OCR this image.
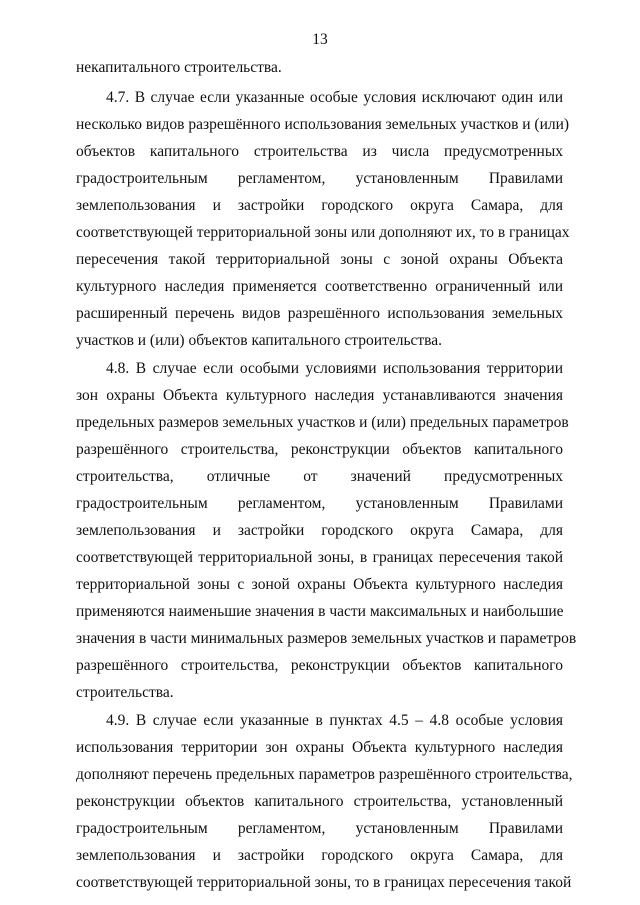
13
некапитального строительства.
4.7. В случае если указанные особые условия исключают один или
несколько видов разрешённого использования земельных участков и (или)
объектов капитального строительства из числа предусмотренных
градостроительным регламентом, установленным Правилами
землепользования и застройки городского округа Самара, для
соответствующей территориальной зоны или дополняют их, то в границах
пересечения такой территориальной зоны с зоной охраны Объекта
культурного наследия применяется соответственно ограниченный или
расширенный перечень видов разрешённого использования земельных
участков и (или) объектов капитального строительства.
4.8. В случае если особыми условиями использования территории
зон охраны Объекта культурного наследия устанавливаются значения
предельных размеров земельных участков и (или) предельных параметров
разрешённого строительства, реконструкции объектов капитального
строительства, отличные от значений предусмотренных
градостроительным регламентом, установленным Правилами
землепользования и застройки городского округа Самара, для
соответствующей территориальной зоны, в границах пересечения такой
территориальной зоны с зоной охраны Объекта культурного наследия
применяются наименьшие значения в части максимальных и наибольшие
значения в части минимальных размеров земельных участков и параметров
разрешённого строительства, реконструкции объектов капитального
строительства.
4.9. В случае если указанные в пунктах 4.5 – 4.8 особые условия
использования территории зон охраны Объекта культурного наследия
дополняют перечень предельных параметров разрешённого строительства,
реконструкции объектов капитального строительства, установленный
градостроительным регламентом, установленным Правилами
землепользования и застройки городского округа Самара, для
соответствующей территориальной зоны, то в границах пересечения такой
